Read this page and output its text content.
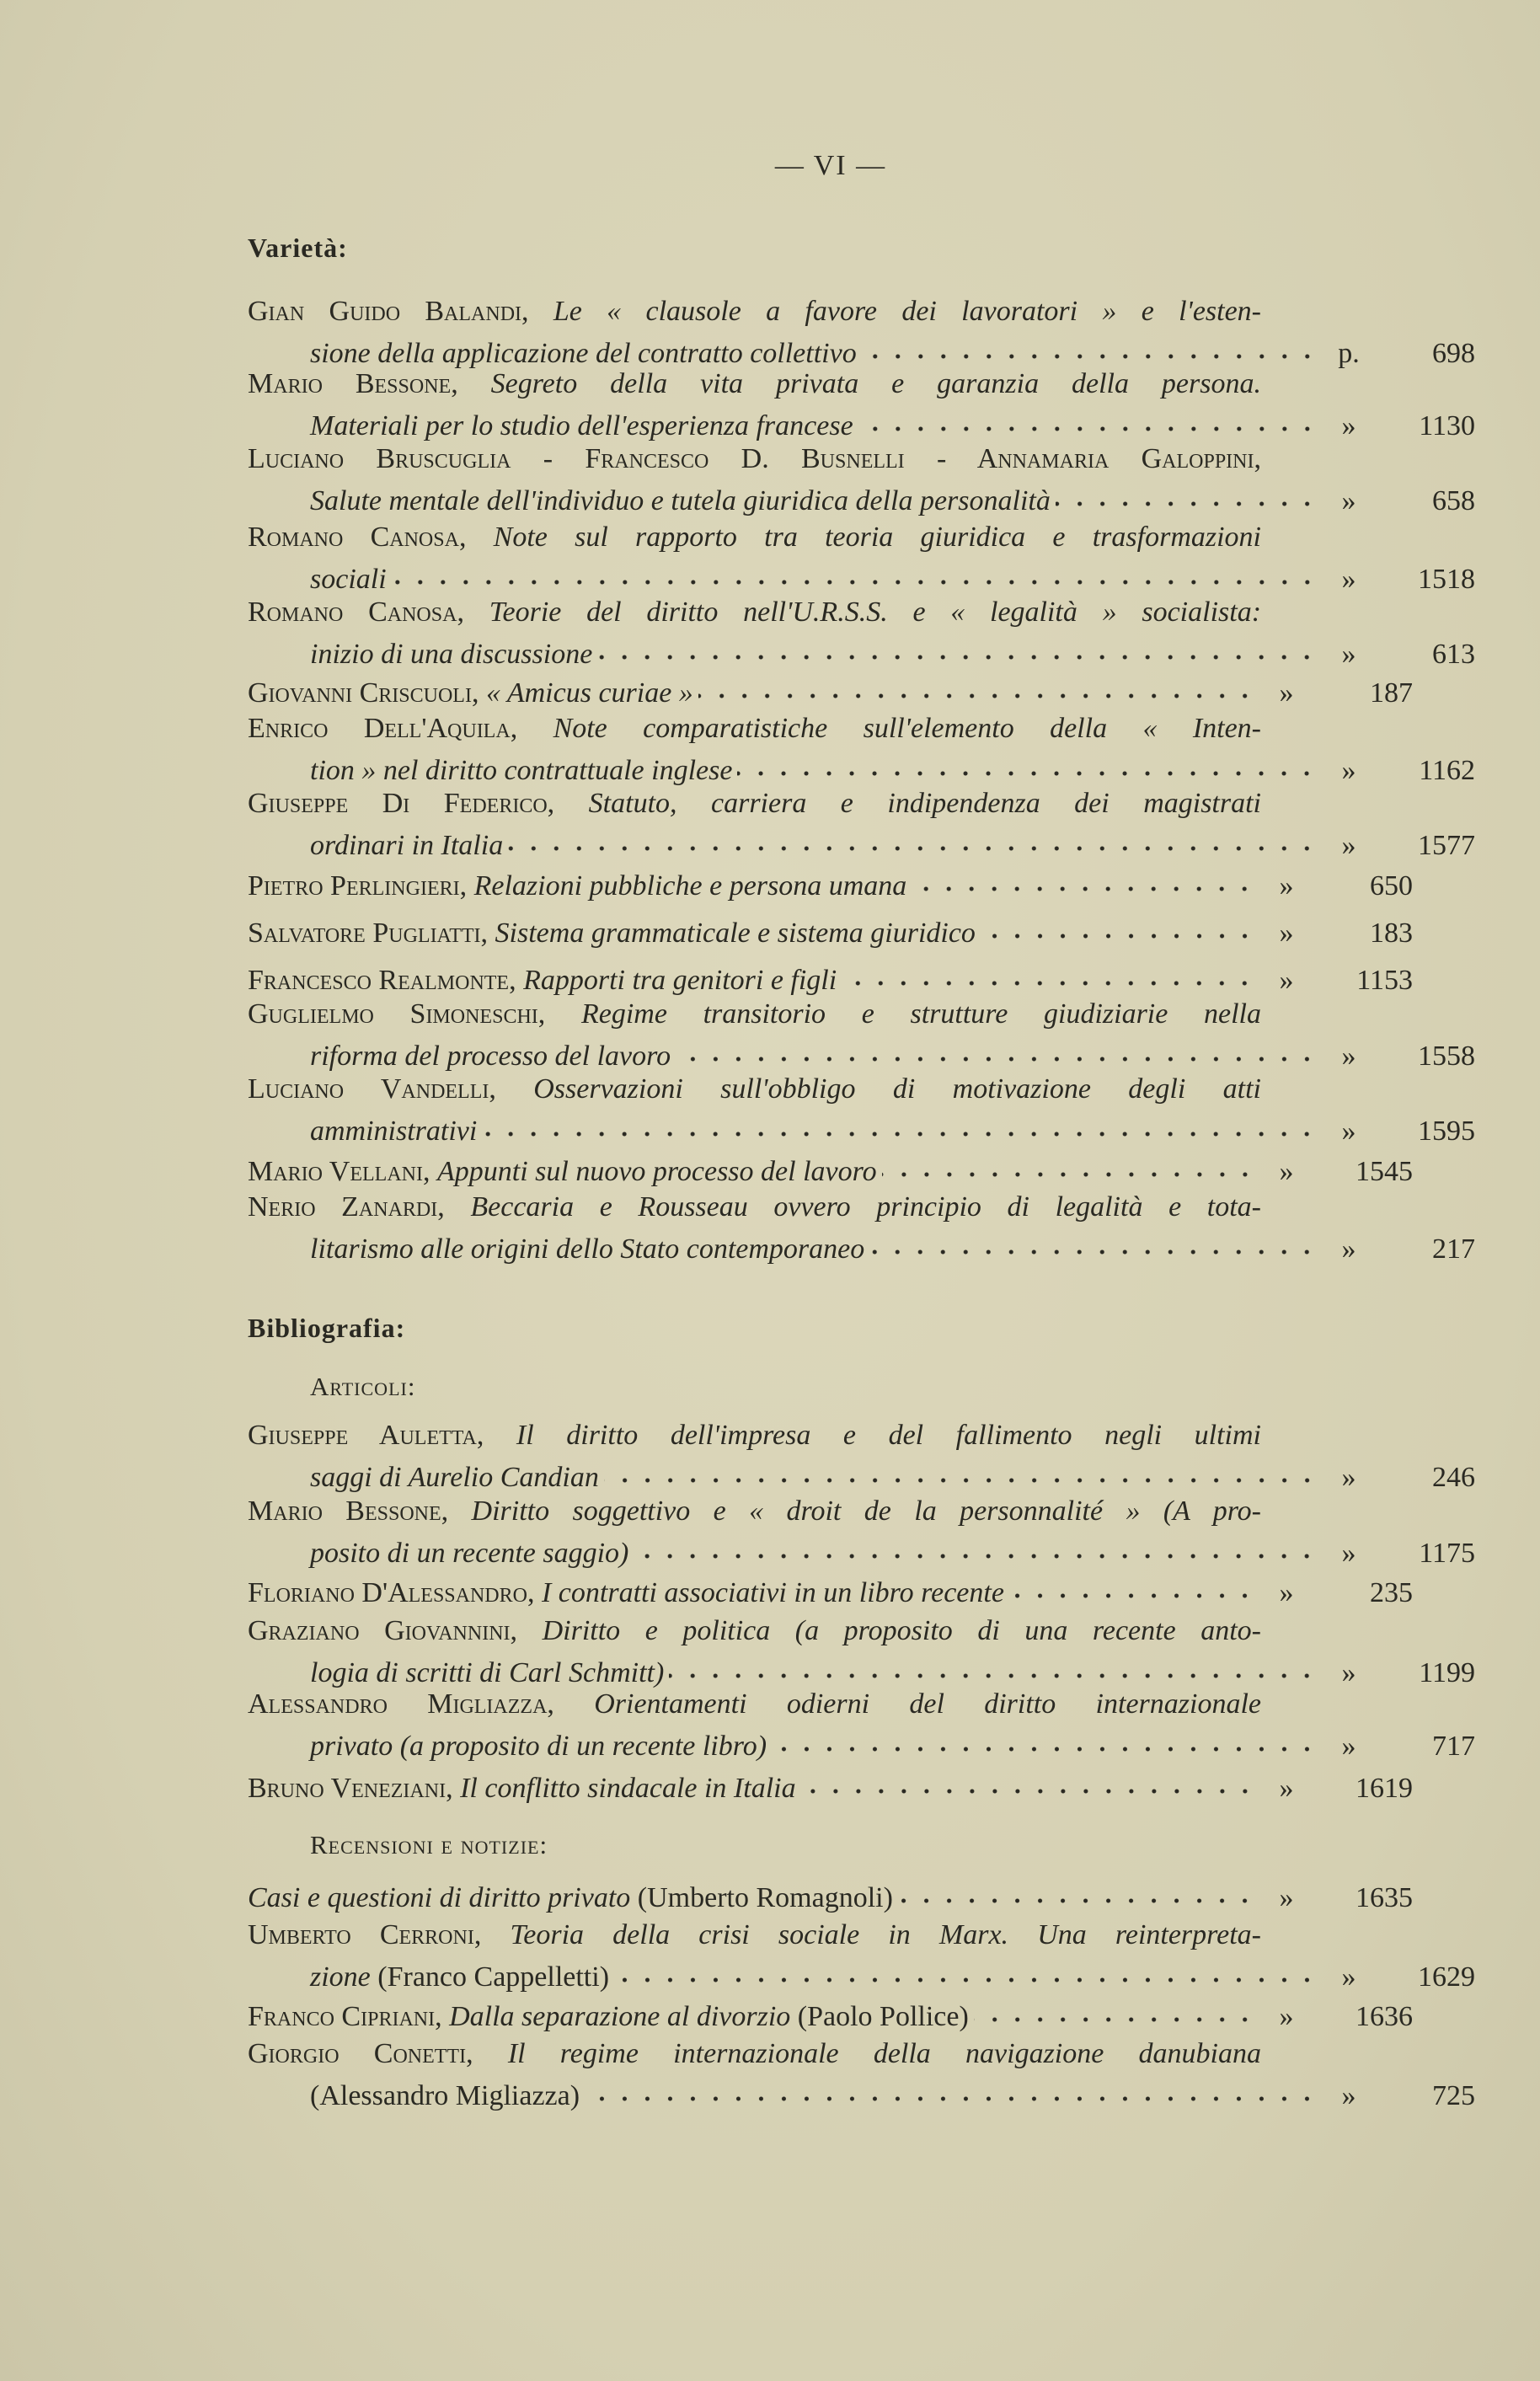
— VI —
Varietà:
Bibliografia:
Articoli:
Recensioni e notizie:
Gian Guido Balandi, Le « clausole a favore dei lavoratori » e l'esten-
sione della applicazione del contratto collettivo	p.	698
Mario Bessone, Segreto della vita privata e garanzia della persona.
Materiali per lo studio dell'esperienza francese	»	1130
Luciano Bruscuglia - Francesco D. Busnelli - Annamaria Galoppini,
Salute mentale dell'individuo e tutela giuridica della personalità	»	658
Romano Canosa, Note sul rapporto tra teoria giuridica e trasformazioni
sociali	»	1518
Romano Canosa, Teorie del diritto nell'U.R.S.S. e « legalità » socialista:
inizio di una discussione	»	613
Giovanni Criscuoli, « Amicus curiae »	»	187
Enrico Dell'Aquila, Note comparatistiche sull'elemento della « Inten-
tion » nel diritto contrattuale inglese	»	1162
Giuseppe Di Federico, Statuto, carriera e indipendenza dei magistrati
ordinari in Italia	»	1577
Pietro Perlingieri, Relazioni pubbliche e persona umana	»	650
Salvatore Pugliatti, Sistema grammaticale e sistema giuridico	»	183
Francesco Realmonte, Rapporti tra genitori e figli	»	1153
Guglielmo Simoneschi, Regime transitorio e strutture giudiziarie nella
riforma del processo del lavoro	»	1558
Luciano Vandelli, Osservazioni sull'obbligo di motivazione degli atti
amministrativi	»	1595
Mario Vellani, Appunti sul nuovo processo del lavoro	»	1545
Nerio Zanardi, Beccaria e Rousseau ovvero principio di legalità e tota-
litarismo alle origini dello Stato contemporaneo	»	217
Giuseppe Auletta, Il diritto dell'impresa e del fallimento negli ultimi
saggi di Aurelio Candian	»	246
Mario Bessone, Diritto soggettivo e « droit de la personnalité » (A pro-
posito di un recente saggio)	»	1175
Floriano D'Alessandro, I contratti associativi in un libro recente	»	235
Graziano Giovannini, Diritto e politica (a proposito di una recente anto-
logia di scritti di Carl Schmitt)	»	1199
Alessandro Migliazza, Orientamenti odierni del diritto internazionale
privato (a proposito di un recente libro)	»	717
Bruno Veneziani, Il conflitto sindacale in Italia	»	1619
Casi e questioni di diritto privato (Umberto Romagnoli)	»	1635
Umberto Cerroni, Teoria della crisi sociale in Marx. Una reinterpreta-
zione (Franco Cappelletti)	»	1629
Franco Cipriani, Dalla separazione al divorzio (Paolo Pollice)	»	1636
Giorgio Conetti, Il regime internazionale della navigazione danubiana
(Alessandro Migliazza)	»	725
